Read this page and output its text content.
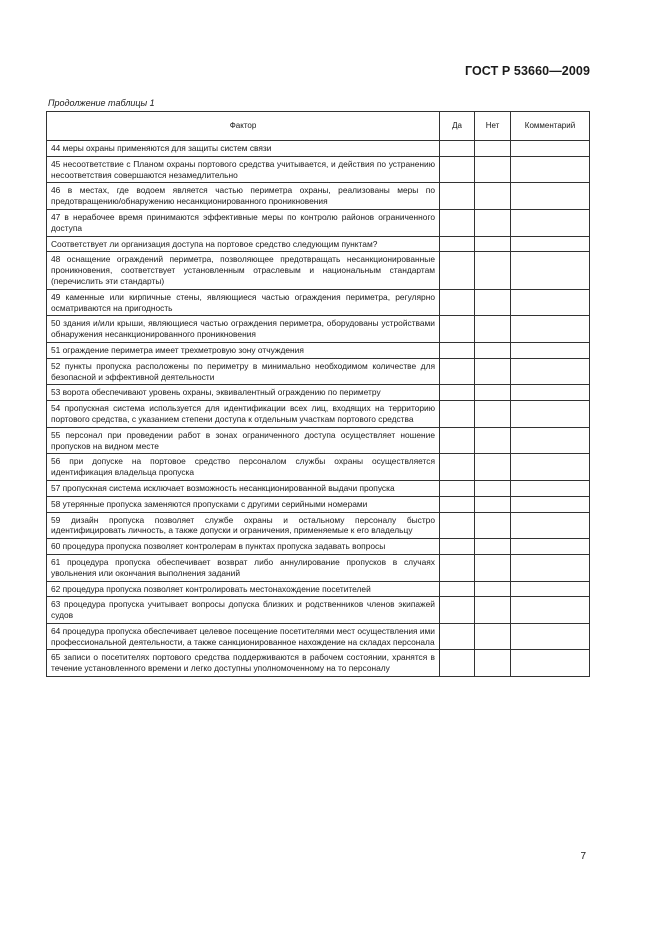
ГОСТ Р 53660—2009
Продолжение таблицы 1
Фактор	Да	Нет	Комментарий
44 меры охраны применяются для защиты систем связи			
45 несоответствие с Планом охраны портового средства учитывается, и действия по устранению несоответствия совершаются незамедлительно			
46 в местах, где водоем является частью периметра охраны, реализованы меры по предотвращению/обнаружению несанкционированного проникновения			
47 в нерабочее время принимаются эффективные меры по контролю районов ограниченного доступа			
Соответствует ли организация доступа на портовое средство следующим пунктам?			
48 оснащение ограждений периметра, позволяющее предотвращать несанкционированные проникновения, соответствует установленным отраслевым и национальным стандартам (перечислить эти стандарты)			
49 каменные или кирпичные стены, являющиеся частью ограждения периметра, регулярно осматриваются на пригодность			
50 здания и/или крыши, являющиеся частью ограждения периметра, оборудованы устройствами обнаружения несанкционированного проникновения			
51 ограждение периметра имеет трехметровую зону отчуждения			
52 пункты пропуска расположены по периметру в минимально необходимом количестве для безопасной и эффективной деятельности			
53 ворота обеспечивают уровень охраны, эквивалентный ограждению по периметру			
54 пропускная система используется для идентификации всех лиц, входящих на территорию портового средства, с указанием степени доступа к отдельным участкам портового средства			
55 персонал при проведении работ в зонах ограниченного доступа осуществляет ношение пропусков на видном месте			
56 при допуске на портовое средство персоналом службы охраны осуществляется идентификация владельца пропуска			
57 пропускная система исключает возможность несанкционированной выдачи пропуска			
58 утерянные пропуска заменяются пропусками с другими серийными номерами			
59 дизайн пропуска позволяет службе охраны и остальному персоналу быстро идентифицировать личность, а также допуски и ограничения, применяемые к его владельцу			
60 процедура пропуска позволяет контролерам в пунктах пропуска задавать вопросы			
61 процедура пропуска обеспечивает возврат либо аннулирование пропусков в случаях увольнения или окончания выполнения заданий			
62 процедура пропуска позволяет контролировать местонахождение посетителей			
63 процедура пропуска учитывает вопросы допуска близких и родственников членов экипажей судов			
64 процедура пропуска обеспечивает целевое посещение посетителями мест осуществления ими профессиональной деятельности, а также санкционированное нахождение на складах персонала			
65 записи о посетителях портового средства поддерживаются в рабочем состоянии, хранятся в течение установленного времени и легко доступны уполномоченному на то персоналу			
7
